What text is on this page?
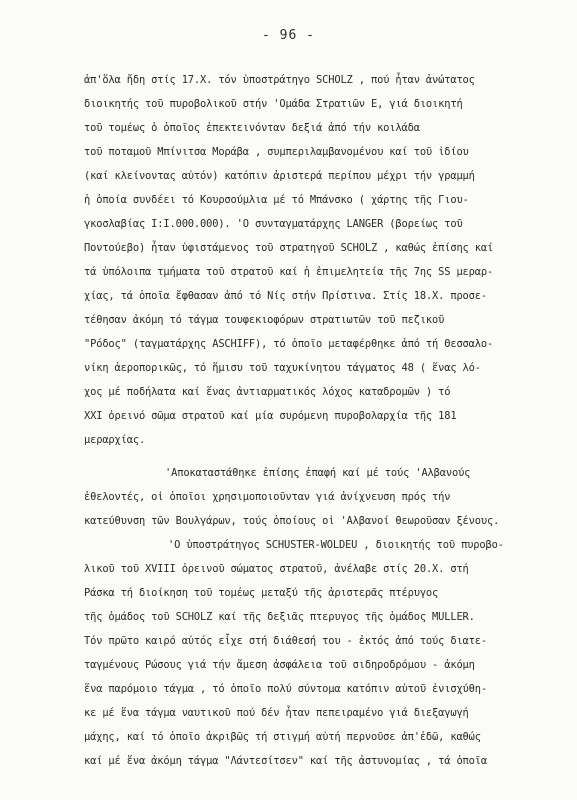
- 96 -
ἀπ'ὅλα ἤδη στίς 17.Χ. τόν ὑποστράτηγο SCHOLZ , πού ἦταν ἀνώτατος
διοικητής τοῦ πυροβολικοῦ στήν 'Ομάδα Στρατιῶν Ε, γιά διοικητή
τοῦ τομέως ὁ ὁποῖος ἐπεκτεινόνταν δεξιά ἀπό τήν κοιλάδα
τοῦ ποταμοῦ Μπίνιτσα Μοράβα , συμπεριλαμβανομένου καί τοῦ ἰδίου
(καί κλείνοντας αὐτόν) κατόπιν ἀριστερά περίπου μέχρι τήν γραμμή
ἡ ὁποία συνδέει τό Κουρσούμλια μέ τό Μπάνσκο ( χάρτης τῆς Γιου-
γκοσλαβίας Ι:Ι.000.000). 'Ο συνταγματάρχης LANGER (βορείως τοῦ
Ποντούεβο) ἦταν ὑφιστάμενος τοῦ στρατηγοῦ SCHOLZ , καθώς ἐπίσης καί
τά ὑπόλοιπα τμήματα τοῦ στρατοῦ καί ἡ ἐπιμελητεία τῆς 7ης SS μεραρ-
χίας, τά ὁποῖα ἔφθασαν ἀπό τό Νίς στήν Πρίστινα. Στίς 18.Χ. προσε-
τέθησαν ἀκόμη τό τάγμα τουφεκιοφόρων στρατιωτῶν τοῦ πεζικοῦ
"Ρόδος" (ταγματάρχης ASCHIFF), τό ὁποῖο μεταφέρθηκε ἀπό τή Θεσσαλο-
νίκη ἀεροπορικῶς, τό ἥμισυ τοῦ ταχυκίνητου τάγματος 48 ( ἕνας λό-
χος μέ ποδήλατα καί ἕνας ἀντιαρματικός λόχος καταδρομῶν ) τό
XXI ὀρεινό σῶμα στρατοῦ καί μία συρόμενη πυροβολαρχία τῆς 181
μεραρχίας.
'Αποκαταστάθηκε ἐπίσης ἐπαφή καί μέ τούς 'Αλβανούς
ἐθελοντές, οἱ ὁποῖοι χρησιμοποιοῦνταν γιά ἀνίχνευση πρός τήν
κατεύθυνση τῶν Βουλγάρων, τούς ὁποίους οἱ 'Αλβανοί θεωροῦσαν ξένους.
'Ο ὑποστράτηγος SCHUSTER-WOLDEU , διοικητής τοῦ πυροβο-
λικοῦ τοῦ XVIII ὀρεινοῦ σώματος στρατοῦ, ἀνέλαβε στίς 20.Χ. στή
Ράσκα τή διοίκηση τοῦ τομέως μεταξύ τῆς ἀριστερᾶς πτέρυγος
τῆς ὁμάδος τοῦ SCHOLZ καί τῆς δεξιᾶς πτερυγος τῆς ὁμάδος MULLER.
Τόν πρῶτο καιρό αὐτός εἶχε στή διάθεσή του - ἐκτός ἀπό τούς διατε-
ταγμένους Ρώσους γιά τήν ἄμεση ἀσφάλεια τοῦ σιδηροδρόμου - ἀκόμη
ἕνα παρόμοιο τάγμα , τό ὁποῖο πολύ σύντομα κατόπιν αὐτοῦ ἐνισχύθη-
κε μέ ἕνα τάγμα ναυτικοῦ πού δέν ἦταν πεπειραμένο γιά διεξαγωγή
μάχης, καί τό ὁποῖο ἀκριβῶς τή στιγμή αὐτή περνοῦσε ἀπ'ἐδῶ, καθώς
καί μέ ἕνα ἀκόμη τάγμα "Λάντεσίτσεν" καί τῆς ἀστυνομίας , τά ὁποῖα
